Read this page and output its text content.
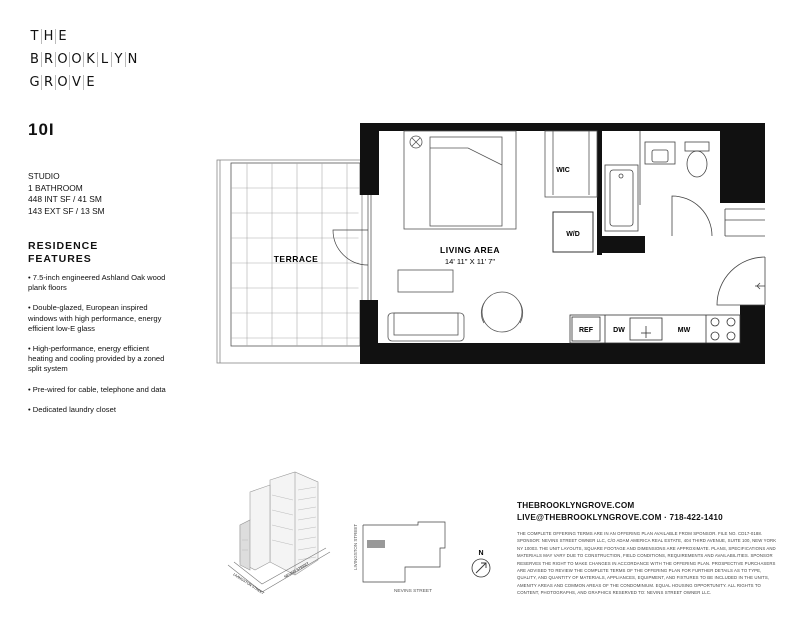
T H E
B R O O K L Y N
G R O V E
10I
STUDIO
1 BATHROOM
448 INT SF / 41 SM
143 EXT SF / 13 SM
RESIDENCE
FEATURES
• 7.5-inch engineered Ashland Oak wood plank floors
• Double-glazed, European inspired windows with high performance, energy efficient low-E glass
• High-performance, energy efficient heating and cooling provided by a zoned split system
• Pre-wired for cable, telephone and data
• Dedicated laundry closet
TERRACE
LIVING AREA
14' 11" X 11' 7"
WIC
W/D
REF	DW	MW
LIVINGSTON STREET
NEVINS STREET
LIVINGSTON STREET
NEVINS STREET
N
THEBROOKLYNGROVE.COM
LIVE@THEBROOKLYNGROVE.COM · 718-422-1410
THE COMPLETE OFFERING TERMS ARE IN AN OFFERING PLAN AVAILABLE FROM SPONSOR. FILE NO. CD17-0188. SPONSOR: NEVINS STREET OWNER LLC, C/O ADAM AMERICA REAL ESTATE, 404 THIRD AVENUE, SUITE 100, NEW YORK NY 10003. THE UNIT LAYOUTS, SQUARE FOOTAGE AND DIMENSIONS ARE APPROXIMATE. PLANS, SPECIFICATIONS AND MATERIALS MAY VARY DUE TO CONSTRUCTION, FIELD CONDITIONS, REQUIREMENTS AND AVAILABILITIES. SPONSOR RESERVES THE RIGHT TO MAKE CHANGES IN ACCORDANCE WITH THE OFFERING PLAN. PROSPECTIVE PURCHASERS ARE ADVISED TO REVIEW THE COMPLETE TERMS OF THE OFFERING PLAN FOR FURTHER DETAILS AS TO TYPE, QUALITY, AND QUANTITY OF MATERIALS, APPLIANCES, EQUIPMENT, AND FIXTURES TO BE INCLUDED IN THE UNITS, AMENITY AREAS AND COMMON AREAS OF THE CONDOMINIUM. EQUAL HOUSING OPPORTUNITY. ALL RIGHTS TO CONTENT, PHOTOGRAPHS, AND GRAPHICS RESERVED TO: NEVINS STREET OWNER LLC.
